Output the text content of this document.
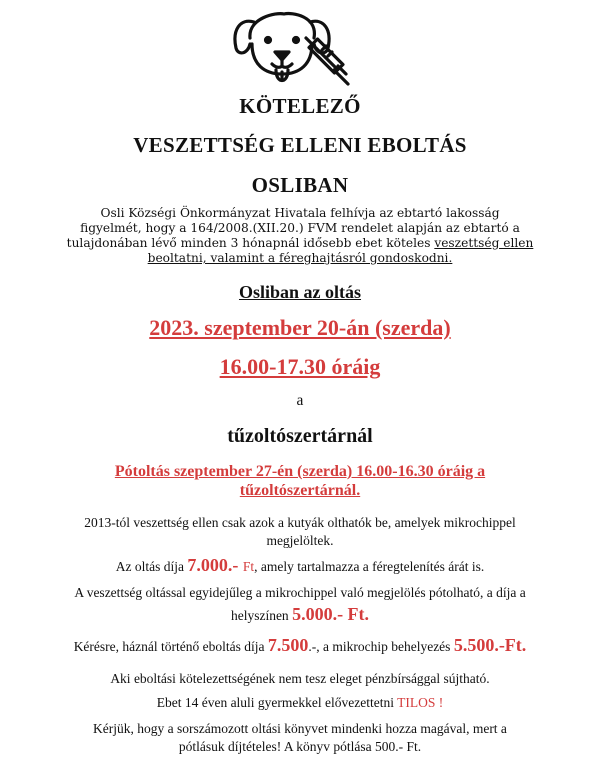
KÖTELEZŐ
VESZETTSÉG ELLENI EBOLTÁS
OSLIBAN
Osli Községi Önkormányzat Hivatala felhívja az ebtartó lakosság
figyelmét, hogy a 164/2008.(XII.20.) FVM rendelet alapján az ebtartó a
tulajdonában lévő minden 3 hónapnál idősebb ebet köteles veszettség ellen
beoltatni, valamint a féreghajtásról gondoskodni.
Osliban az oltás
2023. szeptember 20-án (szerda)
16.00-17.30 óráig
a
tűzoltószertárnál
Pótoltás szeptember 27-én (szerda) 16.00-16.30 óráig a
tűzoltószertárnál.
2013-tól veszettség ellen csak azok a kutyák olthatók be, amelyek mikrochippel
megjelöltek.
Az oltás díja 7.000.- Ft, amely tartalmazza a féregtelenítés árát is.
A veszettség oltással egyidejűleg a mikrochippel való megjelölés pótolható, a díja a
helyszínen 5.000.- Ft.
Kérésre, háznál történő eboltás díja 7.500.-, a mikrochip behelyezés 5.500.-Ft.
Aki eboltási kötelezettségének nem tesz eleget pénzbírsággal sújtható.
Ebet 14 éven aluli gyermekkel elővezettetni TILOS !
Kérjük, hogy a sorszámozott oltási könyvet mindenki hozza magával, mert a
pótlásuk díjtételes! A könyv pótlása 500.- Ft.
